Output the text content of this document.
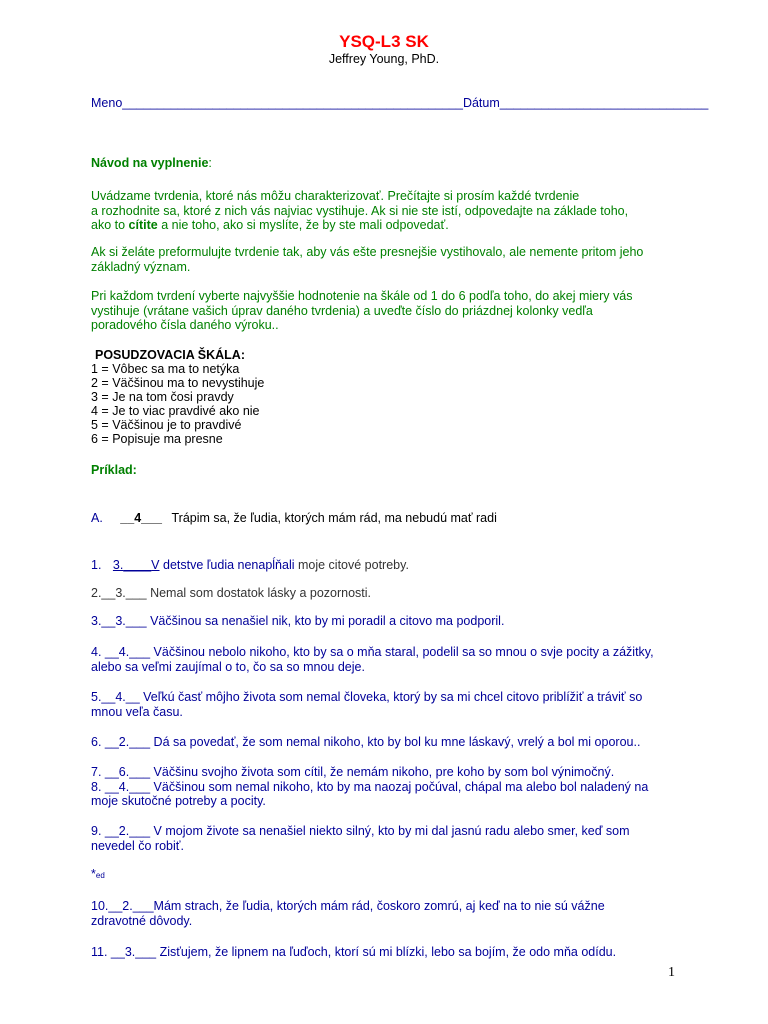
YSQ-L3 SK
Jeffrey Young, PhD.
Meno_________________________________________________Dátum______________________________
Návod na vyplnenie:
Uvádzame tvrdenia, ktoré nás môžu charakterizovať. Prečítajte si prosím každé tvrdenie
a rozhodnite sa, ktoré z nich vás najviac vystihuje. Ak si nie ste istí, odpovedajte na základe toho,
ako to cítite a nie toho, ako si myslíte, že by ste mali odpovedať.
Ak si želáte preformulujte tvrdenie tak, aby vás ešte presnejšie vystihovalo, ale nemente pritom jeho
základný význam.
Pri každom tvrdení vyberte najvyššie hodnotenie na škále od 1 do 6 podľa toho, do akej miery vás
vystihuje (vrátane vašich úprav daného tvrdenia) a uveďte číslo do priázdnej kolonky vedľa
poradového čísla daného výroku..
POSUDZOVACIA ŠKÁLA:
1 = Vôbec sa ma to netýka
2 = Väčšinou ma to nevystihuje
3 = Je na tom čosi pravdy
4 = Je to viac pravdivé ako nie
5 = Väčšinou je to pravdivé
6 = Popisuje ma presne
Príklad:
A. __4___ Trápim sa, že ľudia, ktorých mám rád, ma nebudú mať radi
1. 3.____V detstve ľudia nenapĺňali moje citové potreby.
2.__3.___ Nemal som dostatok lásky a pozornosti.
3.__3.___ Väčšinou sa nenašiel nik, kto by mi poradil a citovo ma podporil.
4. __4.___ Väčšinou nebolo nikoho, kto by sa o mňa staral, podelil sa so mnou o svje pocity a zážitky,
alebo sa veľmi zaujímal o to, čo sa so mnou deje.
5.__4.__ Veľkú časť môjho života som nemal človeka, ktorý by sa mi chcel citovo priblížiť a tráviť so
mnou veľa času.
6. __2.___ Dá sa povedať, že som nemal nikoho, kto by bol ku mne láskavý, vrelý a bol mi oporou..
7. __6.___ Väčšinu svojho života som cítil, že nemám nikoho, pre koho by som bol výnimočný.
8. __4.___ Väčšinou som nemal nikoho, kto by ma naozaj počúval, chápal ma alebo bol naladený na
moje skutočné potreby a pocity.
9. __2.___ V mojom živote sa nenašiel niekto silný, kto by mi dal jasnú radu alebo smer, keď som
nevedel čo robiť.
*ed
10.__2.___Mám strach, že ľudia, ktorých mám rád, čoskoro zomrú, aj keď na to nie sú vážne
zdravotné dôvody.
11. __3.___ Zisťujem, že lipnem na ľuďoch, ktorí sú mi blízki, lebo sa bojím, že odo mňa odídu.
1
